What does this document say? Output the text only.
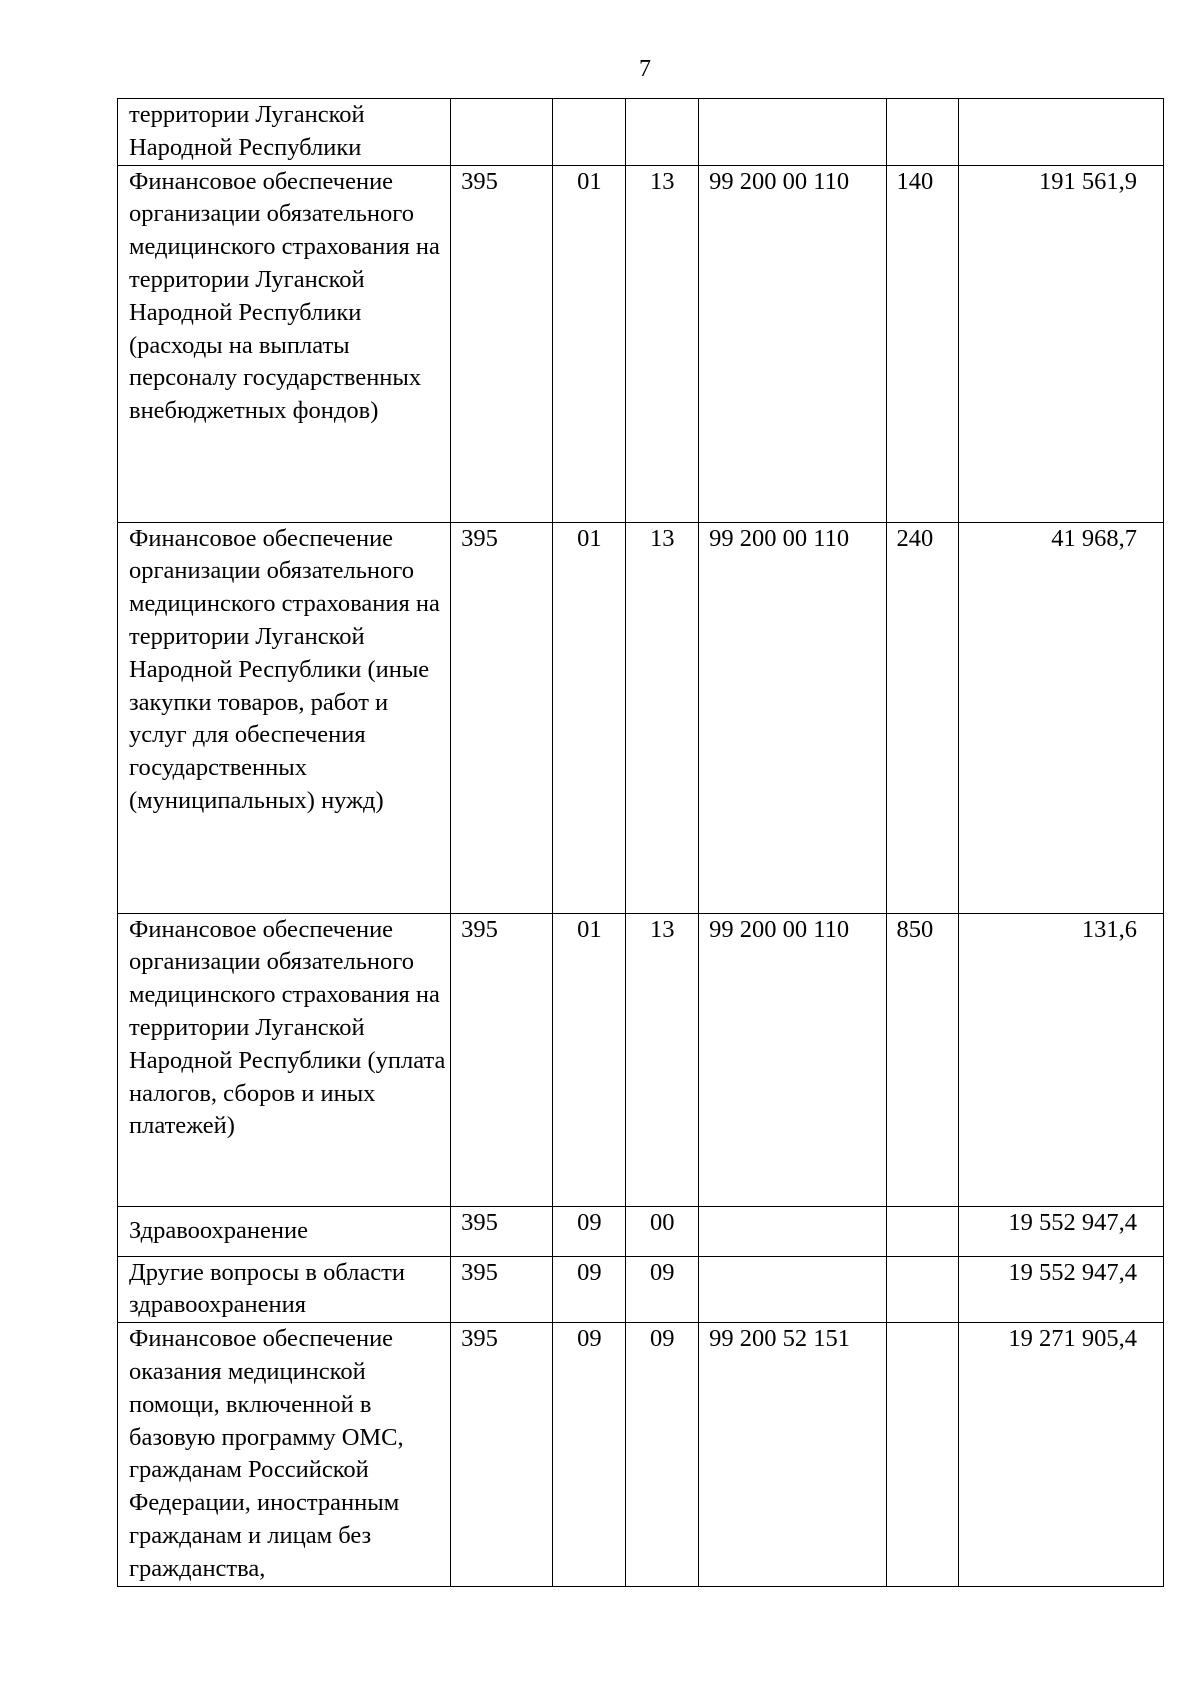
7
территории Луганской Народной Республики						
Финансовое обеспечение организации обязательного медицинского страхования на территории Луганской Народной Республики (расходы на выплаты персоналу государственных внебюджетных фондов)	395	01	13	99 200 00 110	140	191 561,9
Финансовое обеспечение организации обязательного медицинского страхования на территории Луганской Народной Республики (иные закупки товаров, работ и услуг для обеспечения государственных (муниципальных) нужд)	395	01	13	99 200 00 110	240	41 968,7
Финансовое обеспечение организации обязательного медицинского страхования на территории Луганской Народной Республики (уплата налогов, сборов и иных платежей)	395	01	13	99 200 00 110	850	131,6
Здравоохранение	395	09	00			19 552 947,4
Другие вопросы в области здравоохранения	395	09	09			19 552 947,4
Финансовое обеспечение оказания медицинской помощи, включенной в базовую программу ОМС, гражданам Российской Федерации, иностранным гражданам и лицам без гражданства,	395	09	09	99 200 52 151		19 271 905,4
